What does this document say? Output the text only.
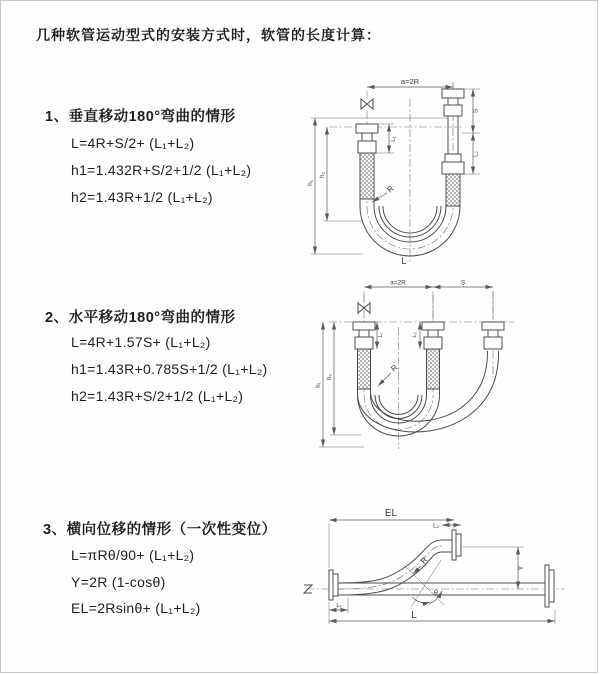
几种软管运动型式的安装方式时，软管的长度计算：
1、垂直移动180°弯曲的情形
L=4R+S/2+ (L₁+L₂)
h1=1.432R+S/2+1/2 (L₁+L₂)
h2=1.43R+1/2 (L₁+L₂)
2、水平移动180°弯曲的情形
L=4R+1.57S+ (L₁+L₂)
h1=1.43R+0.785S+1/2 (L₁+L₂)
h2=1.43R+S/2+1/2 (L₁+L₂)
3、横向位移的情形（一次性变位）
L=πRθ/90+ (L₁+L₂)
Y=2R (1-cosθ)
EL=2Rsinθ+ (L₁+L₂)
a=2R
h₁
h₂
L₁
S
L₂
R
L
a=2R	S
h₁
h₂
L₁	L₂
R
θ
EL
L₂
Y
R
L₁
L
